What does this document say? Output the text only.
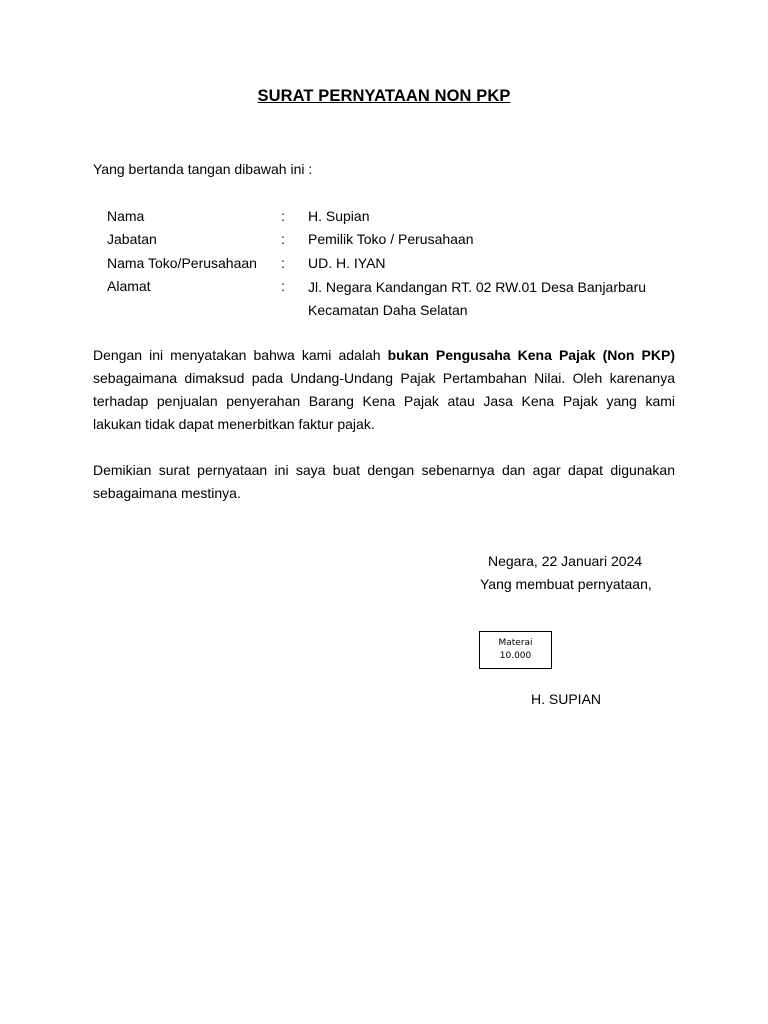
SURAT PERNYATAAN NON PKP
Yang bertanda tangan dibawah ini :
Nama	: H. Supian
Jabatan	: Pemilik Toko / Perusahaan
Nama Toko/Perusahaan : UD. H. IYAN
Alamat	: Jl. Negara Kandangan RT. 02 RW.01 Desa Banjarbaru
Kecamatan Daha Selatan
Dengan ini menyatakan bahwa kami adalah bukan Pengusaha Kena Pajak (Non PKP) sebagaimana dimaksud pada Undang-Undang Pajak Pertambahan Nilai. Oleh karenanya terhadap penjualan penyerahan Barang Kena Pajak atau Jasa Kena Pajak yang kami lakukan tidak dapat menerbitkan faktur pajak.
Demikian surat pernyataan ini saya buat dengan sebenarnya dan agar dapat digunakan sebagaimana mestinya.
Negara, 22 Januari 2024
Yang membuat pernyataan,
Materai
10.000
H. SUPIAN
